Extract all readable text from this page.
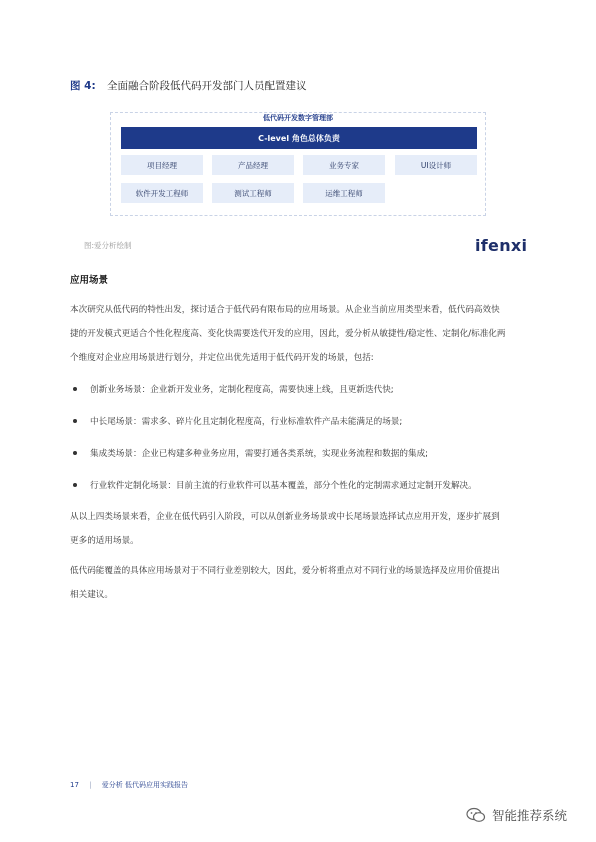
图 4: 全面融合阶段低代码开发部门人员配置建议
低代码开发数字管理部
C-level 角色总体负责
项目经理	产品经理	业务专家	UI设计师
软件开发工程师	测试工程师	运维工程师
图:爱分析绘制	ifenxi
应用场景
本次研究从低代码的特性出发，探讨适合于低代码有限布局的应用场景。从企业当前应用类型来看，低代码高效快
捷的开发模式更适合个性化程度高、变化快需要迭代开发的应用，因此，爱分析从敏捷性/稳定性、定制化/标准化两
个维度对企业应用场景进行划分，并定位出优先适用于低代码开发的场景，包括:
创新业务场景：企业新开发业务，定制化程度高，需要快速上线，且更新迭代快;
中长尾场景：需求多、碎片化且定制化程度高，行业标准软件产品未能满足的场景;
集成类场景：企业已构建多种业务应用，需要打通各类系统，实现业务流程和数据的集成;
行业软件定制化场景：目前主流的行业软件可以基本覆盖，部分个性化的定制需求通过定制开发解决。
从以上四类场景来看，企业在低代码引入阶段，可以从创新业务场景或中长尾场景选择试点应用开发，逐步扩展到
更多的适用场景。
低代码能覆盖的具体应用场景对于不同行业差别较大，因此，爱分析将重点对不同行业的场景选择及应用价值提出
相关建议。
17 | 爱分析 低代码应用实践报告
智能推荐系统
